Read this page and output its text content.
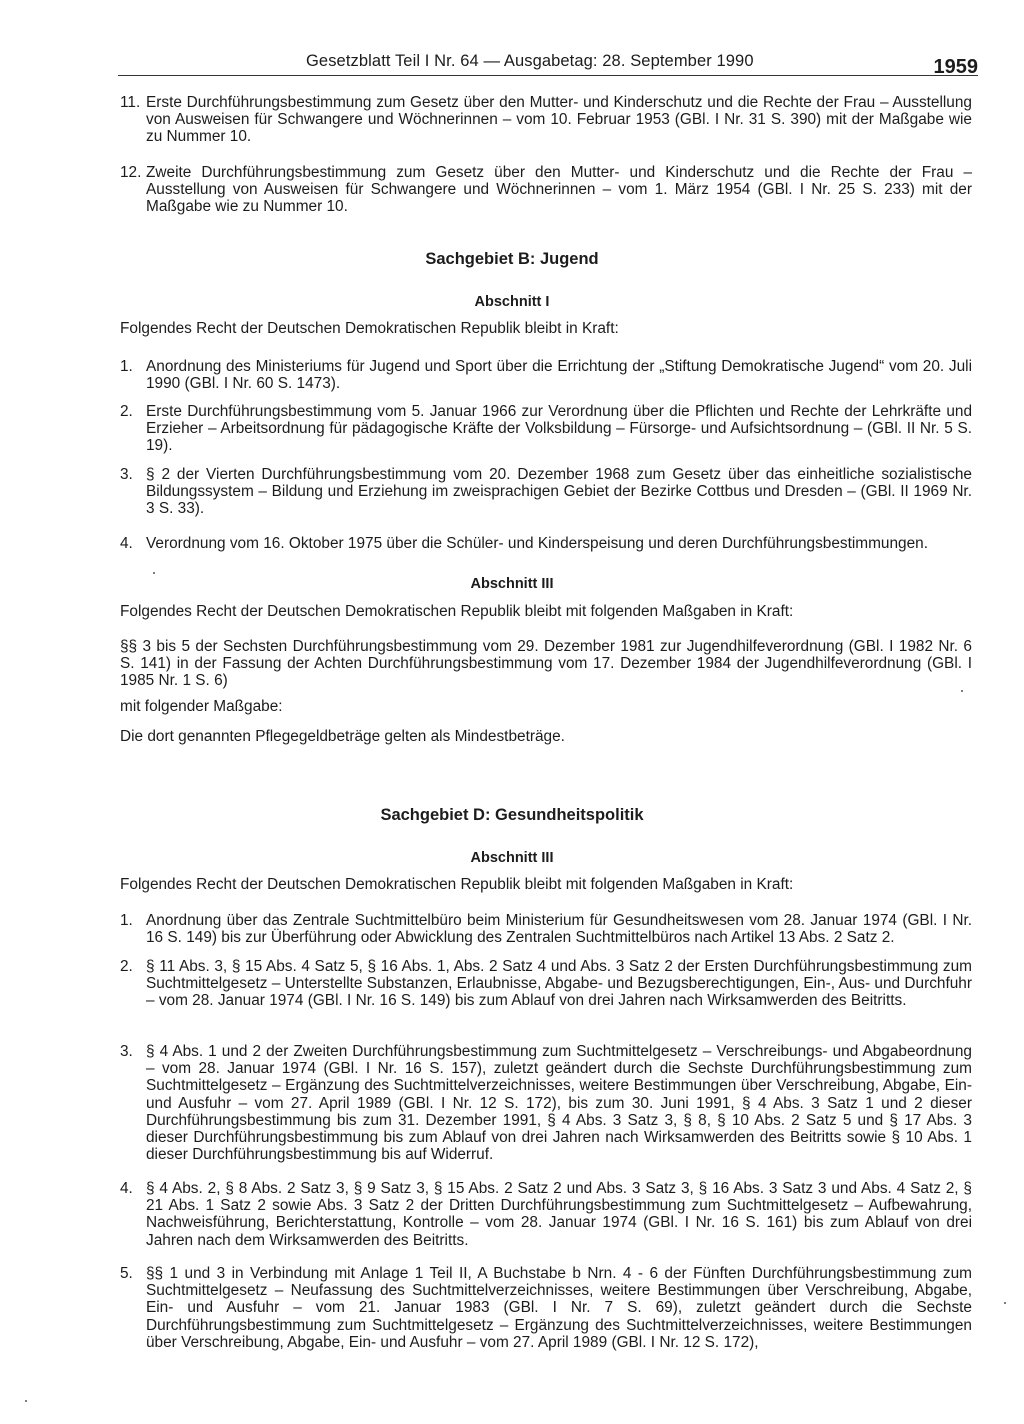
Gesetzblatt Teil I Nr. 64 — Ausgabetag: 28. September 1990	1959
11. Erste Durchführungsbestimmung zum Gesetz über den Mutter- und Kinderschutz und die Rechte der Frau – Ausstellung von Ausweisen für Schwangere und Wöchnerinnen – vom 10. Februar 1953 (GBl. I Nr. 31 S. 390) mit der Maßgabe wie zu Nummer 10.
12. Zweite Durchführungsbestimmung zum Gesetz über den Mutter- und Kinderschutz und die Rechte der Frau – Ausstellung von Ausweisen für Schwangere und Wöchnerinnen – vom 1. März 1954 (GBl. I Nr. 25 S. 233) mit der Maßgabe wie zu Nummer 10.
Sachgebiet B: Jugend
Abschnitt I
Folgendes Recht der Deutschen Demokratischen Republik bleibt in Kraft:
1. Anordnung des Ministeriums für Jugend und Sport über die Errichtung der „Stiftung Demokratische Jugend“ vom 20. Juli 1990 (GBl. I Nr. 60 S. 1473).
2. Erste Durchführungsbestimmung vom 5. Januar 1966 zur Verordnung über die Pflichten und Rechte der Lehrkräfte und Erzieher – Arbeitsordnung für pädagogische Kräfte der Volksbildung – Fürsorge- und Aufsichtsordnung – (GBl. II Nr. 5 S. 19).
3. § 2 der Vierten Durchführungsbestimmung vom 20. Dezember 1968 zum Gesetz über das einheitliche sozialistische Bildungssystem – Bildung und Erziehung im zweisprachigen Gebiet der Bezirke Cottbus und Dresden – (GBl. II 1969 Nr. 3 S. 33).
4. Verordnung vom 16. Oktober 1975 über die Schüler- und Kinderspeisung und deren Durchführungsbestimmungen.
Abschnitt III
Folgendes Recht der Deutschen Demokratischen Republik bleibt mit folgenden Maßgaben in Kraft:
§§ 3 bis 5 der Sechsten Durchführungsbestimmung vom 29. Dezember 1981 zur Jugendhilfeverordnung (GBl. I 1982 Nr. 6 S. 141) in der Fassung der Achten Durchführungsbestimmung vom 17. Dezember 1984 der Jugendhilfeverordnung (GBl. I 1985 Nr. 1 S. 6)
mit folgender Maßgabe:
Die dort genannten Pflegegeldbeträge gelten als Mindestbeträge.
Sachgebiet D: Gesundheitspolitik
Abschnitt III
Folgendes Recht der Deutschen Demokratischen Republik bleibt mit folgenden Maßgaben in Kraft:
1. Anordnung über das Zentrale Suchtmittelbüro beim Ministerium für Gesundheitswesen vom 28. Januar 1974 (GBl. I Nr. 16 S. 149) bis zur Überführung oder Abwicklung des Zentralen Suchtmittelbüros nach Artikel 13 Abs. 2 Satz 2.
2. § 11 Abs. 3, § 15 Abs. 4 Satz 5, § 16 Abs. 1, Abs. 2 Satz 4 und Abs. 3 Satz 2 der Ersten Durchführungsbestimmung zum Suchtmittelgesetz – Unterstellte Substanzen, Erlaubnisse, Abgabe- und Bezugsberechtigungen, Ein-, Aus- und Durchfuhr – vom 28. Januar 1974 (GBl. I Nr. 16 S. 149) bis zum Ablauf von drei Jahren nach Wirksamwerden des Beitritts.
3. § 4 Abs. 1 und 2 der Zweiten Durchführungsbestimmung zum Suchtmittelgesetz – Verschreibungs- und Abgabeordnung – vom 28. Januar 1974 (GBl. I Nr. 16 S. 157), zuletzt geändert durch die Sechste Durchführungsbestimmung zum Suchtmittelgesetz – Ergänzung des Suchtmittelverzeichnisses, weitere Bestimmungen über Verschreibung, Abgabe, Ein- und Ausfuhr – vom 27. April 1989 (GBl. I Nr. 12 S. 172), bis zum 30. Juni 1991, § 4 Abs. 3 Satz 1 und 2 dieser Durchführungsbestimmung bis zum 31. Dezember 1991, § 4 Abs. 3 Satz 3, § 8, § 10 Abs. 2 Satz 5 und § 17 Abs. 3 dieser Durchführungsbestimmung bis zum Ablauf von drei Jahren nach Wirksamwerden des Beitritts sowie § 10 Abs. 1 dieser Durchführungsbestimmung bis auf Widerruf.
4. § 4 Abs. 2, § 8 Abs. 2 Satz 3, § 9 Satz 3, § 15 Abs. 2 Satz 2 und Abs. 3 Satz 3, § 16 Abs. 3 Satz 3 und Abs. 4 Satz 2, § 21 Abs. 1 Satz 2 sowie Abs. 3 Satz 2 der Dritten Durchführungsbestimmung zum Suchtmittelgesetz – Aufbewahrung, Nachweisführung, Berichterstattung, Kontrolle – vom 28. Januar 1974 (GBl. I Nr. 16 S. 161) bis zum Ablauf von drei Jahren nach dem Wirksamwerden des Beitritts.
5. §§ 1 und 3 in Verbindung mit Anlage 1 Teil II, A Buchstabe b Nrn. 4 - 6 der Fünften Durchführungsbestimmung zum Suchtmittelgesetz – Neufassung des Suchtmittelverzeichnisses, weitere Bestimmungen über Verschreibung, Abgabe, Ein- und Ausfuhr – vom 21. Januar 1983 (GBl. I Nr. 7 S. 69), zuletzt geändert durch die Sechste Durchführungsbestimmung zum Suchtmittelgesetz – Ergänzung des Suchtmittelverzeichnisses, weitere Bestimmungen über Verschreibung, Abgabe, Ein- und Ausfuhr – vom 27. April 1989 (GBl. I Nr. 12 S. 172),
